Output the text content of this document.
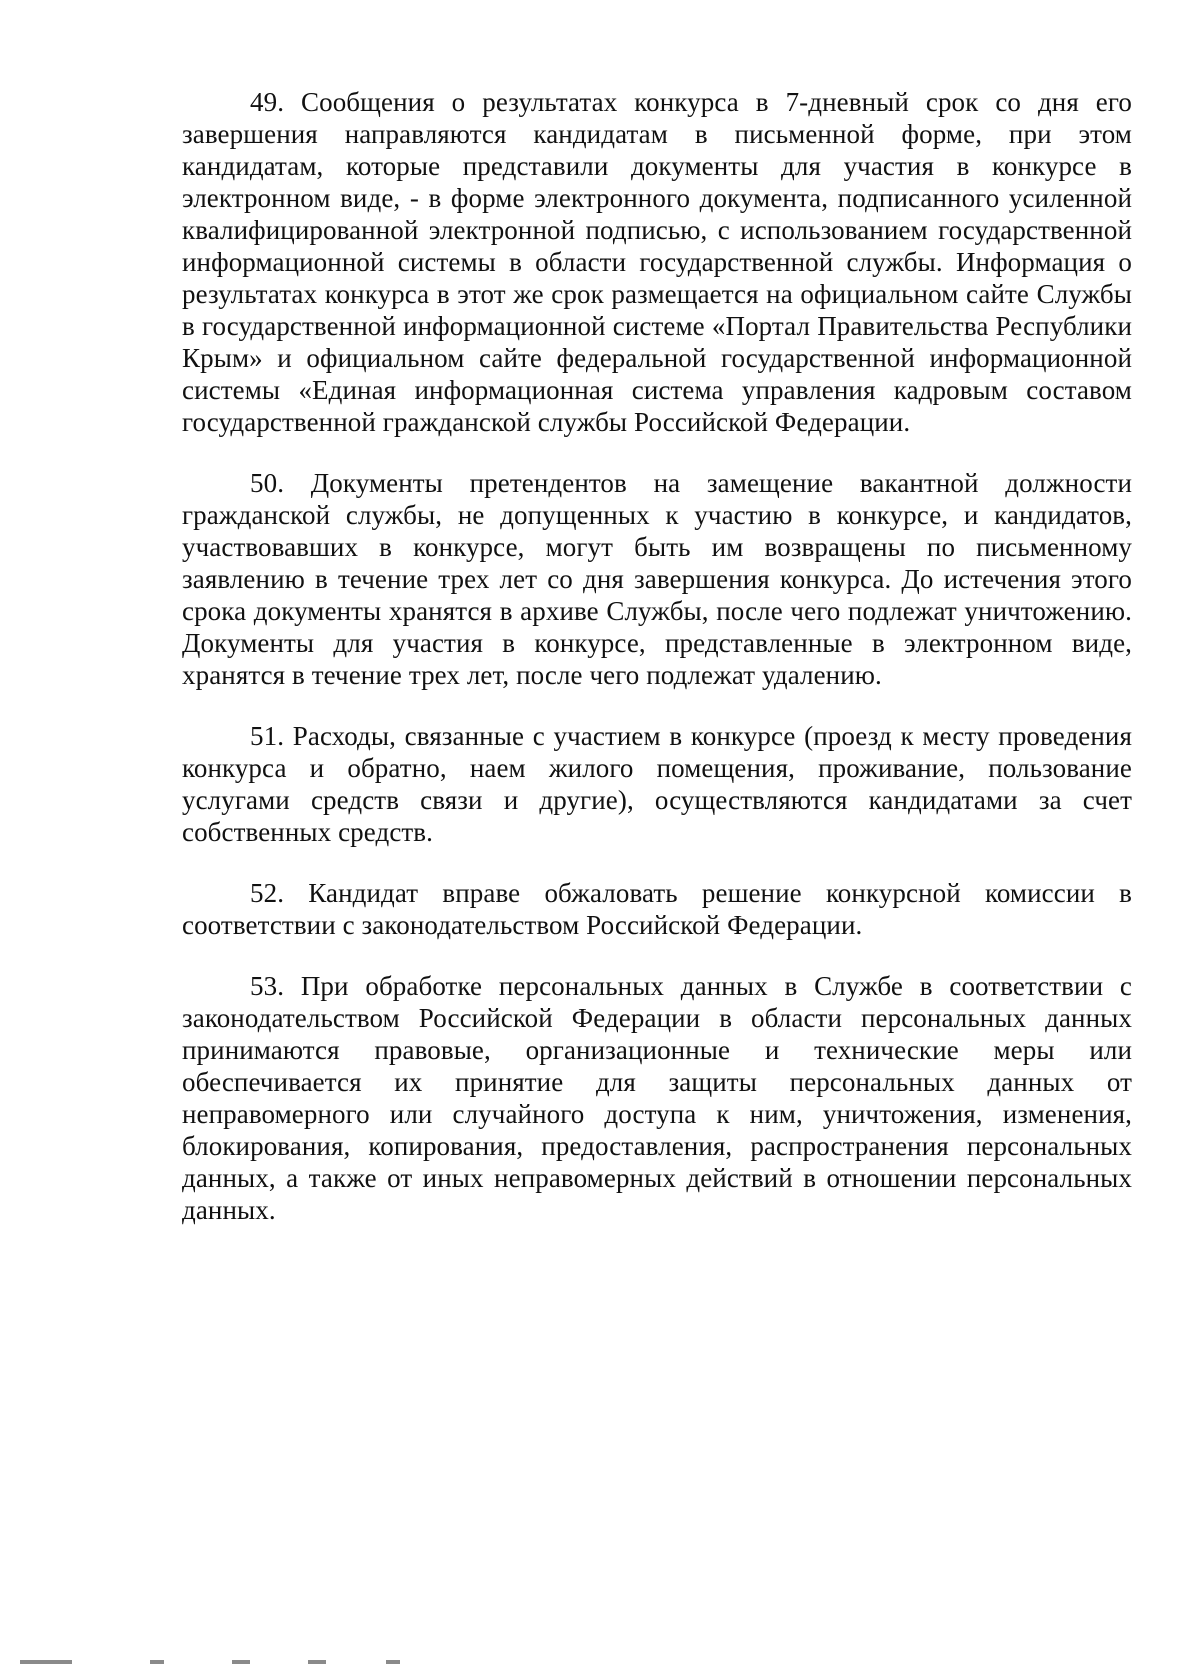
49. Сообщения о результатах конкурса в 7-дневный срок со дня его завершения направляются кандидатам в письменной форме, при этом кандидатам, которые представили документы для участия в конкурсе в электронном виде, - в форме электронного документа, подписанного усиленной квалифицированной электронной подписью, с использованием государственной информационной системы в области государственной службы. Информация о результатах конкурса в этот же срок размещается на официальном сайте Службы в государственной информационной системе «Портал Правительства Республики Крым» и официальном сайте федеральной государственной информационной системы «Единая информационная система управления кадровым составом государственной гражданской службы Российской Федерации.

50. Документы претендентов на замещение вакантной должности гражданской службы, не допущенных к участию в конкурсе, и кандидатов, участвовавших в конкурсе, могут быть им возвращены по письменному заявлению в течение трех лет со дня завершения конкурса. До истечения этого срока документы хранятся в архиве Службы, после чего подлежат уничтожению. Документы для участия в конкурсе, представленные в электронном виде, хранятся в течение трех лет, после чего подлежат удалению.

51. Расходы, связанные с участием в конкурсе (проезд к месту проведения конкурса и обратно, наем жилого помещения, проживание, пользование услугами средств связи и другие), осуществляются кандидатами за счет собственных средств.

52. Кандидат вправе обжаловать решение конкурсной комиссии в соответствии с законодательством Российской Федерации.

53. При обработке персональных данных в Службе в соответствии с законодательством Российской Федерации в области персональных данных принимаются правовые, организационные и технические меры или обеспечивается их принятие для защиты персональных данных от неправомерного или случайного доступа к ним, уничтожения, изменения, блокирования, копирования, предоставления, распространения персональных данных, а также от иных неправомерных действий в отношении персональных данных.
